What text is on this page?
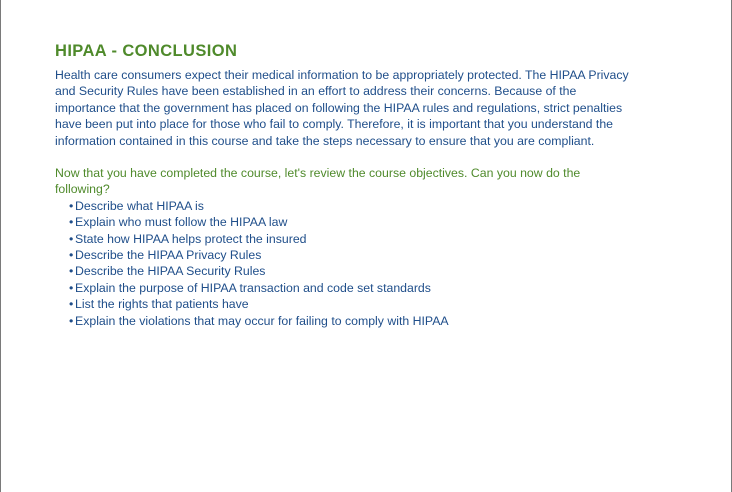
HIPAA - CONCLUSION

Health care consumers expect their medical information to be appropriately protected. The HIPAA Privacy and Security Rules have been established in an effort to address their concerns. Because of the importance that the government has placed on following the HIPAA rules and regulations, strict penalties have been put into place for those who fail to comply. Therefore, it is important that you understand the information contained in this course and take the steps necessary to ensure that you are compliant.

Now that you have completed the course, let's review the course objectives. Can you now do the following?

• Describe what HIPAA is
• Explain who must follow the HIPAA law
• State how HIPAA helps protect the insured
• Describe the HIPAA Privacy Rules
• Describe the HIPAA Security Rules
• Explain the purpose of HIPAA transaction and code set standards
• List the rights that patients have
• Explain the violations that may occur for failing to comply with HIPAA
